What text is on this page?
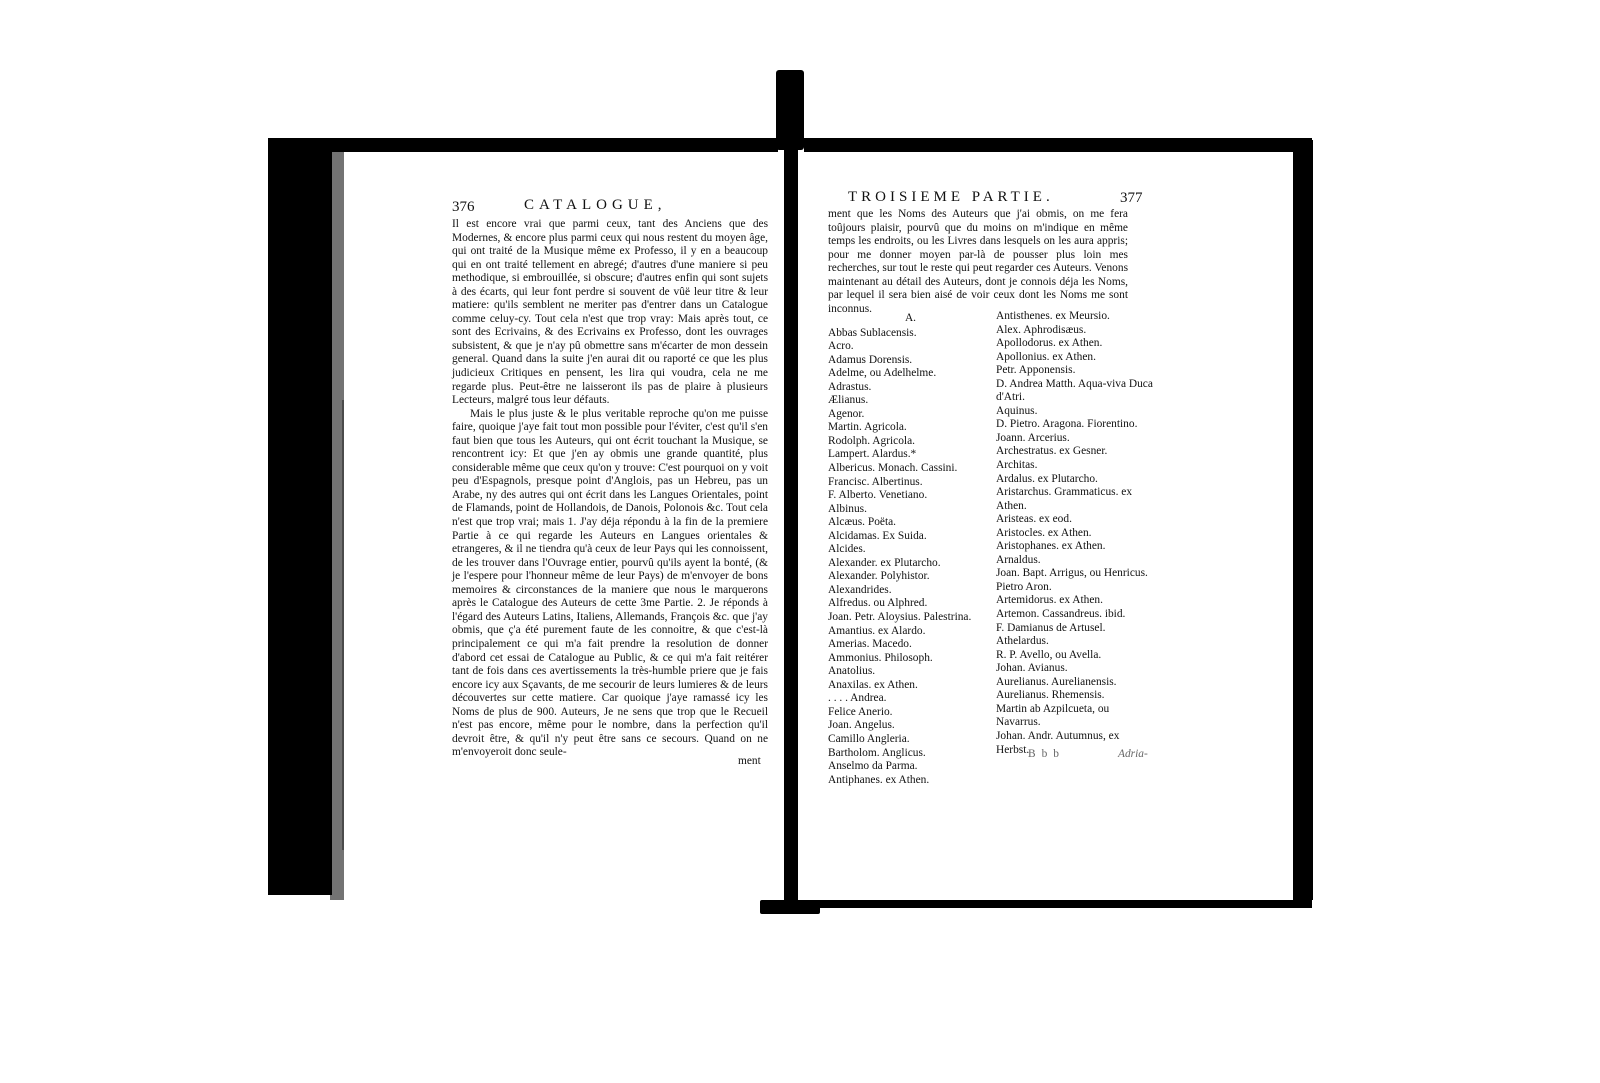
376	CATALOGUE,

Il est encore vrai que parmi ceux, tant des Anciens que des Modernes, & encore plus parmi ceux qui nous restent du moyen âge, qui ont traité de la Musique même ex Professo, il y en a beaucoup qui en ont traité tellement en abregé; d'autres d'une maniere si peu methodique, si embrouillée, si obscure; d'autres enfin qui sont sujets à des écarts, qui leur font perdre si souvent de vûë leur titre & leur matiere: qu'ils semblent ne meriter pas d'entrer dans un Catalogue comme celuy-cy. Tout cela n'est que trop vray: Mais après tout, ce sont des Ecrivains, & des Ecrivains ex Professo, dont les ouvrages subsistent, & que je n'ay pû obmettre sans m'écarter de mon dessein general. Quand dans la suite j'en aurai dit ou raporté ce que les plus judicieux Critiques en pensent, les lira qui voudra, cela ne me regarde plus. Peut-être ne laisseront ils pas de plaire à plusieurs Lecteurs, malgré tous leur défauts.

Mais le plus juste & le plus veritable reproche qu'on me puisse faire, quoique j'aye fait tout mon possible pour l'éviter, c'est qu'il s'en faut bien que tous les Auteurs, qui ont écrit touchant la Musique, se rencontrent icy: Et que j'en ay obmis une grande quantité, plus considerable même que ceux qu'on y trouve: C'est pourquoi on y voit peu d'Espagnols, presque point d'Anglois, pas un Hebreu, pas un Arabe, ny des autres qui ont écrit dans les Langues Orientales, point de Flamands, point de Hollandois, de Danois, Polonois &c. Tout cela n'est que trop vrai; mais 1. J'ay déja répondu à la fin de la premiere Partie à ce qui regarde les Auteurs en Langues orientales & etrangeres, & il ne tiendra qu'à ceux de leur Pays qui les connoissent, de les trouver dans l'Ouvrage entier, pourvû qu'ils ayent la bonté, (& je l'espere pour l'honneur même de leur Pays) de m'envoyer de bons memoires & circonstances de la maniere que nous le marquerons après le Catalogue des Auteurs de cette 3me Partie. 2. Je réponds à l'égard des Auteurs Latins, Italiens, Allemands, François &c. que j'ay obmis, que ç'a été purement faute de les connoitre, & que c'est-là principalement ce qui m'a fait prendre la resolution de donner d'abord cet essai de Catalogue au Public, & ce qui m'a fait reitérer tant de fois dans ces avertissements la très-humble priere que je fais encore icy aux Sçavants, de me secourir de leurs lumieres & de leurs découvertes sur cette matiere. Car quoique j'aye ramassé icy les Noms de plus de 900. Auteurs, Je ne sens que trop que le Recueil n'est pas encore, même pour le nombre, dans la perfection qu'il devroit être, & qu'il n'y peut être sans ce secours. Quand on ne m'envoyeroit donc seule-

ment
TROISIEME PARTIE.	377

ment que les Noms des Auteurs que j'ai obmis, on me fera toûjours plaisir, pourvû que du moins on m'indique en même temps les endroits, ou les Livres dans lesquels on les aura appris; pour me donner moyen par-là de pousser plus loin mes recherches, sur tout le reste qui peut regarder ces Auteurs. Venons maintenant au détail des Auteurs, dont je connois déja les Noms, par lequel il sera bien aisé de voir ceux dont les Noms me sont inconnus.

A.
Abbas Sublacensis.
Acro.
Adamus Dorensis.
Adelme, ou Adelhelme.
Adrastus.
Ælianus.
Agenor.
Martin. Agricola.
Rodolph. Agricola.
Lampert. Alardus.*
Albericus. Monach. Cassini.
Francisc. Albertinus.
F. Alberto. Venetiano.
Albinus.
Alcæus. Poëta.
Alcidamas. Ex Suida.
Alcides.
Alexander. ex Plutarcho.
Alexander. Polyhistor.
Alexandrides.
Alfredus. ou Alphred.
Joan. Petr. Aloysius. Palestrina.
Amantius. ex Alardo.
Amerias. Macedo.
Ammonius. Philosoph.
Anatolius.
Anaxilas. ex Athen.
. . . . Andrea.
Felice Anerio.
Joan. Angelus.
Camillo Angleria.
Bartholom. Anglicus.
Anselmo da Parma.
Antiphanes. ex Athen.
Antisthenes. ex Meursio.
Alex. Aphrodisæus.
Apollodorus. ex Athen.
Apollonius. ex Athen.
Petr. Apponensis.
D. Andrea Matth. Aqua-viva Duca d'Atri.
Aquinus.
D. Pietro. Aragona. Fiorentino.
Joann. Arcerius.
Archestratus. ex Gesner.
Architas.
Ardalus. ex Plutarcho.
Aristarchus. Grammaticus. ex Athen.
Aristeas. ex eod.
Aristocles. ex Athen.
Aristophanes. ex Athen.
Arnaldus.
Joan. Bapt. Arrigus, ou Henricus.
Pietro Aron.
Artemidorus. ex Athen.
Artemon. Cassandreus. ibid.
F. Damianus de Artusel.
Athelardus.
R. P. Avello, ou Avella.
Johan. Avianus.
Aurelianus. Aurelianensis.
Aurelianus. Rhemensis.
Martin ab Azpilcueta, ou Navarrus.
Johan. Andr. Autumnus, ex Herbst.
Bbb	Adria-
